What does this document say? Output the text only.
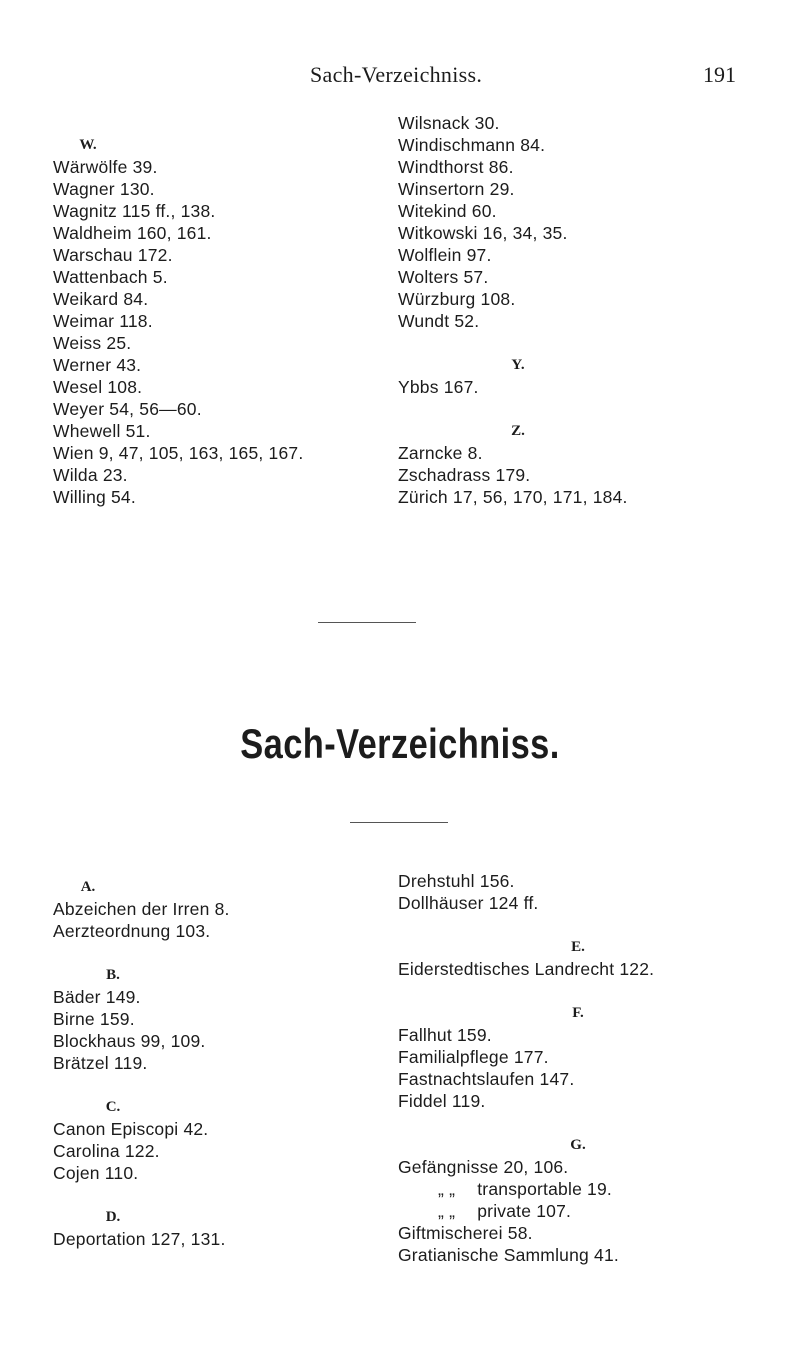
Sach-Verzeichniss.	191
W.
Wärwölfe 39.
Wagner 130.
Wagnitz 115 ff., 138.
Waldheim 160, 161.
Warschau 172.
Wattenbach 5.
Weikard 84.
Weimar 118.
Weiss 25.
Werner 43.
Wesel 108.
Weyer 54, 56—60.
Whewell 51.
Wien 9, 47, 105, 163, 165, 167.
Wilda 23.
Willing 54.
Wilsnack 30.
Windischmann 84.
Windthorst 86.
Winsertorn 29.
Witekind 60.
Witkowski 16, 34, 35.
Wolflein 97.
Wolters 57.
Würzburg 108.
Wundt 52.
Y.
Ybbs 167.
Z.
Zarncke 8.
Zschadrass 179.
Zürich 17, 56, 170, 171, 184.
Sach-Verzeichniss.
A.
Abzeichen der Irren 8.
Aerzteordnung 103.
B.
Bäder 149.
Birne 159.
Blockhaus 99, 109.
Brätzel 119.
C.
Canon Episcopi 42.
Carolina 122.
Cojen 110.
D.
Deportation 127, 131.
Drehstuhl 156.
Dollhäuser 124 ff.
E.
Eiderstedtisches Landrecht 122.
F.
Fallhut 159.
Familialpflege 177.
Fastnachtslaufen 147.
Fiddel 119.
G.
Gefängnisse 20, 106.
„ „ transportable 19.
„ „ private 107.
Giftmischerei 58.
Gratianische Sammlung 41.
